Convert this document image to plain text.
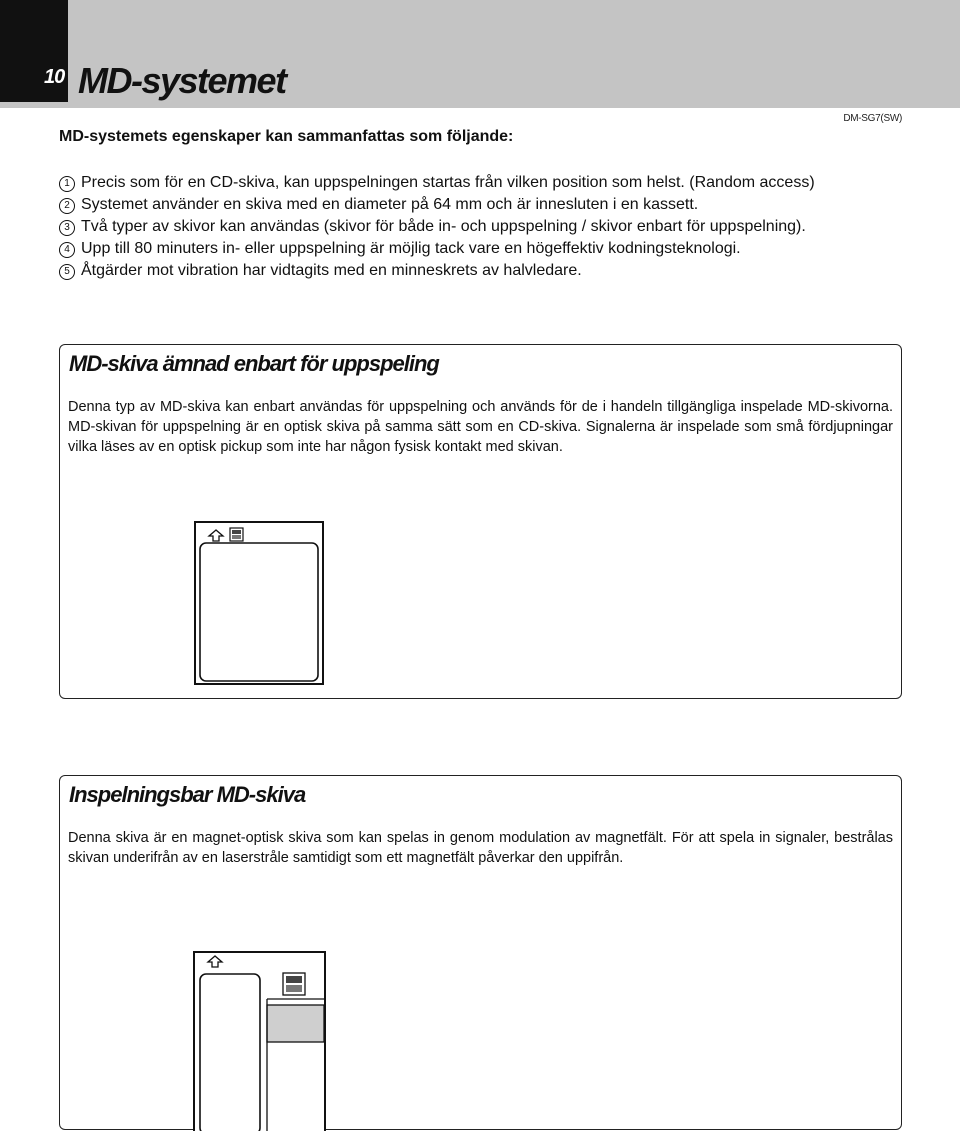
10 MD-systemet
DM-SG7(SW)
MD-systemets egenskaper kan sammanfattas som följande:
1 Precis som för en CD-skiva, kan uppspelningen startas från vilken position som helst. (Random access)
2 Systemet använder en skiva med en diameter på 64 mm och är innesluten i en kassett.
3 Två typer av skivor kan användas (skivor för både in- och uppspelning / skivor enbart för uppspelning).
4 Upp till 80 minuters in- eller uppspelning är möjlig tack vare en högeffektiv kodningsteknologi.
5 Åtgärder mot vibration har vidtagits med en minneskrets av halvledare.
MD-skiva ämnad enbart för uppspeling
Denna typ av MD-skiva kan enbart användas för uppspelning och används för de i handeln tillgängliga inspelade MD-skivorna. MD-skivan för uppspelning är en optisk skiva på samma sätt som en CD-skiva. Signalerna är inspelade som små fördjupningar vilka läses av en optisk pickup som inte har någon fysisk kontakt med skivan.
Inspelningsbar MD-skiva
Denna skiva är en magnet-optisk skiva som kan spelas in genom modulation av magnetfält. För att spela in signaler, bestrålas skivan underifrån av en laserstråle samtidigt som ett magnetfält påverkar den uppifrån.
